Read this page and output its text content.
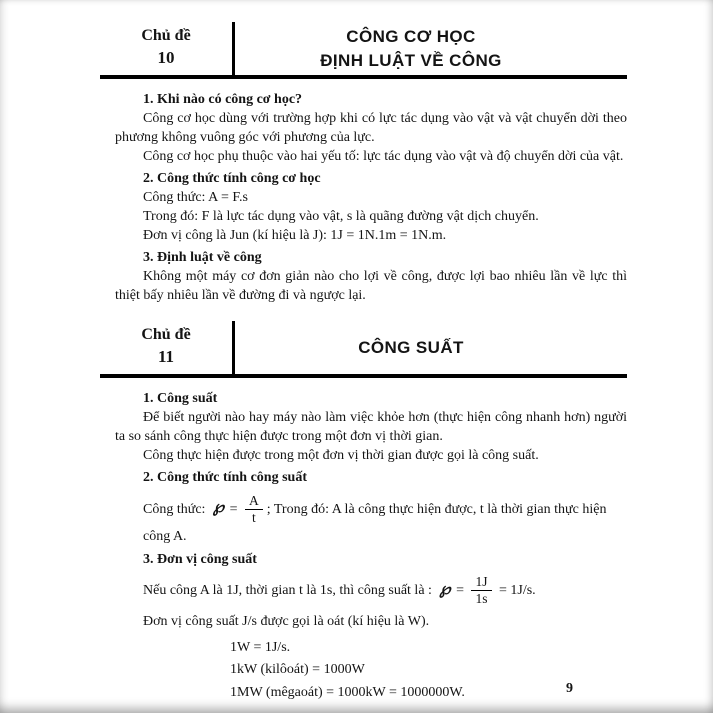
Chủ đề
10
CÔNG CƠ HỌC
ĐỊNH LUẬT VỀ CÔNG
1. Khi nào có công cơ học?

Công cơ học dùng với trường hợp khi có lực tác dụng vào vật và vật chuyển dời theo phương không vuông góc với phương của lực.

Công cơ học phụ thuộc vào hai yếu tố: lực tác dụng vào vật và độ chuyển dời của vật.

2. Công thức tính công cơ học

Công thức: A = F.s

Trong đó: F là lực tác dụng vào vật, s là quãng đường vật dịch chuyển.

Đơn vị công là Jun (kí hiệu là J): 1J = 1N.1m = 1N.m.

3. Định luật về công

Không một máy cơ đơn giản nào cho lợi về công, được lợi bao nhiêu lần về lực thì thiệt bấy nhiêu lần về đường đi và ngược lại.

Chủ đề
11	CÔNG SUẤT
1. Công suất

Để biết người nào hay máy nào làm việc khỏe hơn (thực hiện công nhanh hơn) người ta so sánh công thực hiện được trong một đơn vị thời gian.

Công thực hiện được trong một đơn vị thời gian được gọi là công suất.

2. Công thức tính công suất

Công thức: ℘ = $\frac{A}{t}$ ; Trong đó: A là công thực hiện được, t là thời gian thực hiện công A.

3. Đơn vị công suất

Nếu công A là 1J, thời gian t là 1s, thì công suất là : ℘ = $\frac{1J}{1s} = 1J/s$.

Đơn vị công suất J/s được gọi là oát (kí hiệu là W).

1W = 1J/s.
1kW (kilôoát) = 1000W
1MW (mêgaoát) = 1000kW = 1000000W.	9
